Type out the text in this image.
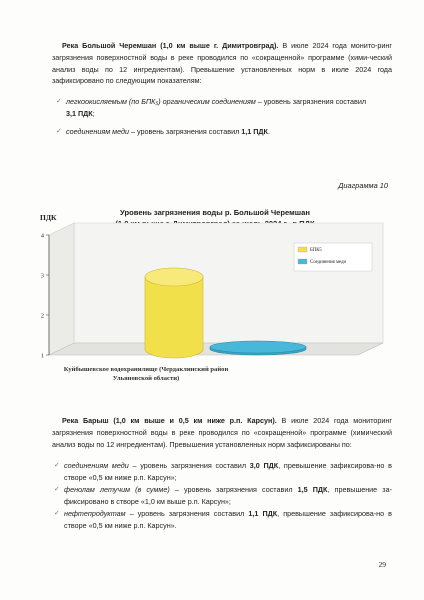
Река Большой Черемшан (1,0 км выше г. Димитровград). В июле 2024 года монито-ринг загрязнения поверхностной воды в реке проводился по «сокращенной» программе (хими-ческий анализ воды по 12 ингредиентам). Превышение установленных норм в июле 2024 года зафиксировано по следующим показателям:
✓ легкоокисляемым (по БПК₅) органическим соединениям – уровень загрязнения составил
3,1 ПДК;
✓ соединениям меди – уровень загрязнения составил 1,1 ПДК.
Диаграмма 10
Уровень загрязнения воды р. Большой Черемшан
ПДК
1
2
3
4
БПК5
Соединения меди
Куйбышевское водохранилище (Чердаклинский район
Ульяновской области)
Река Барыш (1,0 км выше и 0,5 км ниже р.п. Карсун). В июле 2024 года мониторинг загрязнения поверхностной воды в реке проводился по «сокращенной» программе (химический анализ воды по 12 ингредиентам). Превышения установленных норм зафиксированы по:
✓ соединениям меди – уровень загрязнения составил 3,0 ПДК, превышение зафиксирова-но в створе «0,5 км ниже р.п. Карсун»;
✓ фенолам летучим (в сумме) – уровень загрязнения составил 1,5 ПДК, превышение за-фиксировано в створе «1,0 км выше р.п. Карсун»;
✓ нефтепродуктам – уровень загрязнения составил 1,1 ПДК, превышение зафиксирова-но в створе «0,5 км ниже р.п. Карсун».
29
